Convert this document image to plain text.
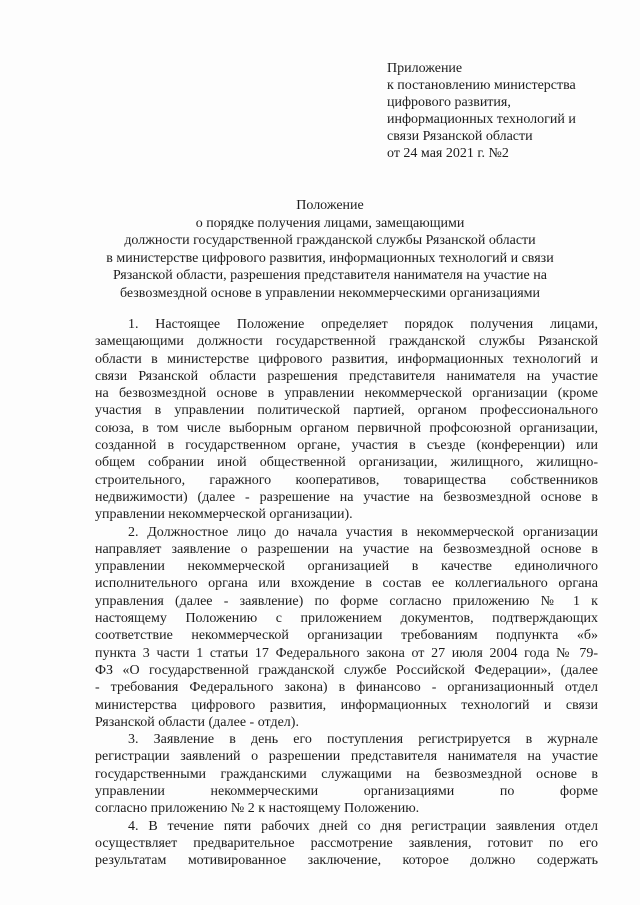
Приложение
к постановлению министерства
цифрового развития,
информационных технологий и
связи Рязанской области
от 24 мая 2021 г. №2
Положение
о порядке получения лицами, замещающими
должности государственной гражданской службы Рязанской области
в министерстве цифрового развития, информационных технологий и связи
Рязанской области, разрешения представителя нанимателя на участие на
безвозмездной основе в управлении некоммерческими организациями
1. Настоящее Положение определяет порядок получения лицами,
замещающими должности государственной гражданской службы Рязанской
области в министерстве цифрового развития, информационных технологий и
связи Рязанской области разрешения представителя нанимателя на участие
на безвозмездной основе в управлении некоммерческой организации (кроме
участия в управлении политической партией, органом профессионального
союза, в том числе выборным органом первичной профсоюзной организации,
созданной в государственном органе, участия в съезде (конференции) или
общем собрании иной общественной организации, жилищного, жилищно-
строительного, гаражного кооперативов, товарищества собственников
недвижимости) (далее - разрешение на участие на безвозмездной основе в
управлении некоммерческой организации).
2. Должностное лицо до начала участия в некоммерческой организации
направляет заявление о разрешении на участие на безвозмездной основе в
управлении некоммерческой организацией в качестве единоличного
исполнительного органа или вхождение в состав ее коллегиального органа
управления (далее - заявление) по форме согласно приложению № 1 к
настоящему Положению с приложением документов, подтверждающих
соответствие некоммерческой организации требованиям подпункта «б»
пункта 3 части 1 статьи 17 Федерального закона от 27 июля 2004 года № 79-
ФЗ «О государственной гражданской службе Российской Федерации», (далее
- требования Федерального закона) в финансово - организационный отдел
министерства цифрового развития, информационных технологий и связи
Рязанской области (далее - отдел).
3. Заявление в день его поступления регистрируется в журнале
регистрации заявлений о разрешении представителя нанимателя на участие
государственными гражданскими служащими на безвозмездной основе в
управлении некоммерческими организациями по форме
согласно приложению № 2 к настоящему Положению.
4. В течение пяти рабочих дней со дня регистрации заявления отдел
осуществляет предварительное рассмотрение заявления, готовит по его
результатам мотивированное заключение, которое должно содержать
